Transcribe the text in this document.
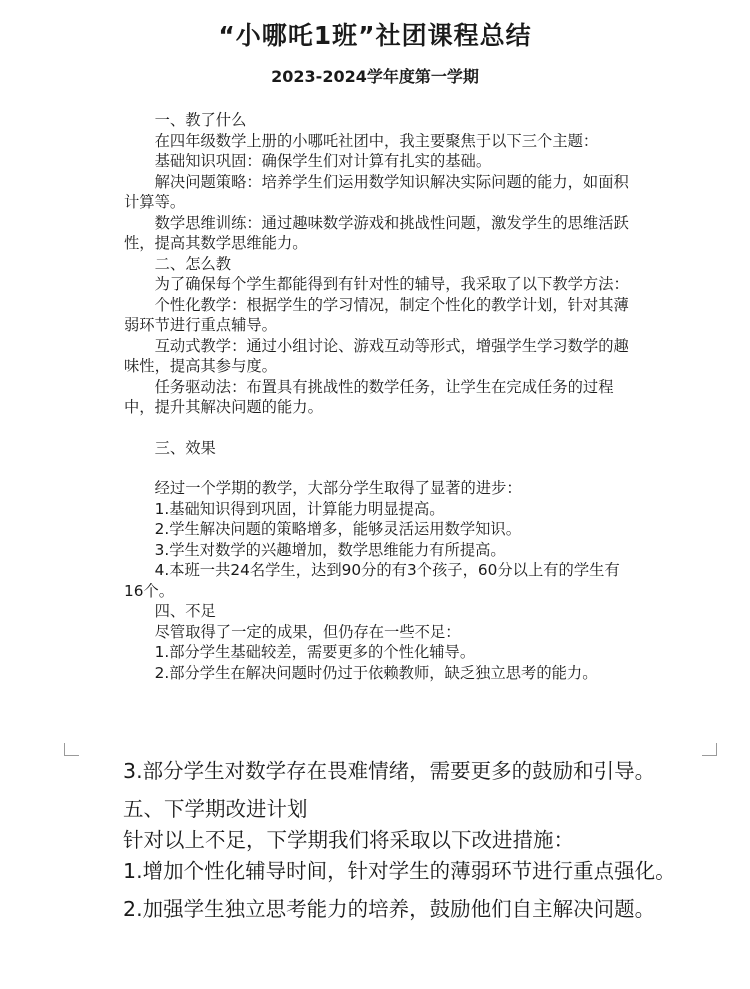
“小哪吒1班”社团课程总结
2023-2024学年度第一学期

一、教了什么

在四年级数学上册的小哪吒社团中，我主要聚焦于以下三个主题：

基础知识巩固：确保学生们对计算有扎实的基础。

解决问题策略：培养学生们运用数学知识解决实际问题的能力，如面积计算等。

数学思维训练：通过趣味数学游戏和挑战性问题，激发学生的思维活跃性，提高其数学思维能力。

二、怎么教

为了确保每个学生都能得到有针对性的辅导，我采取了以下教学方法：

个性化教学：根据学生的学习情况，制定个性化的教学计划，针对其薄弱环节进行重点辅导。

互动式教学：通过小组讨论、游戏互动等形式，增强学生学习数学的趣味性，提高其参与度。

任务驱动法：布置具有挑战性的数学任务，让学生在完成任务的过程中，提升其解决问题的能力。

三、效果

经过一个学期的教学，大部分学生取得了显著的进步：

1.基础知识得到巩固，计算能力明显提高。

2.学生解决问题的策略增多，能够灵活运用数学知识。

3.学生对数学的兴趣增加，数学思维能力有所提高。

4.本班一共24名学生，达到90分的有3个孩子，60分以上有的学生有16个。

四、不足

尽管取得了一定的成果，但仍存在一些不足：

1.部分学生基础较差，需要更多的个性化辅导。

2.部分学生在解决问题时仍过于依赖教师，缺乏独立思考的能力。

3.部分学生对数学存在畏难情绪，需要更多的鼓励和引导。

五、下学期改进计划

针对以上不足，下学期我们将采取以下改进措施：

1.增加个性化辅导时间，针对学生的薄弱环节进行重点强化。

2.加强学生独立思考能力的培养，鼓励他们自主解决问题。
